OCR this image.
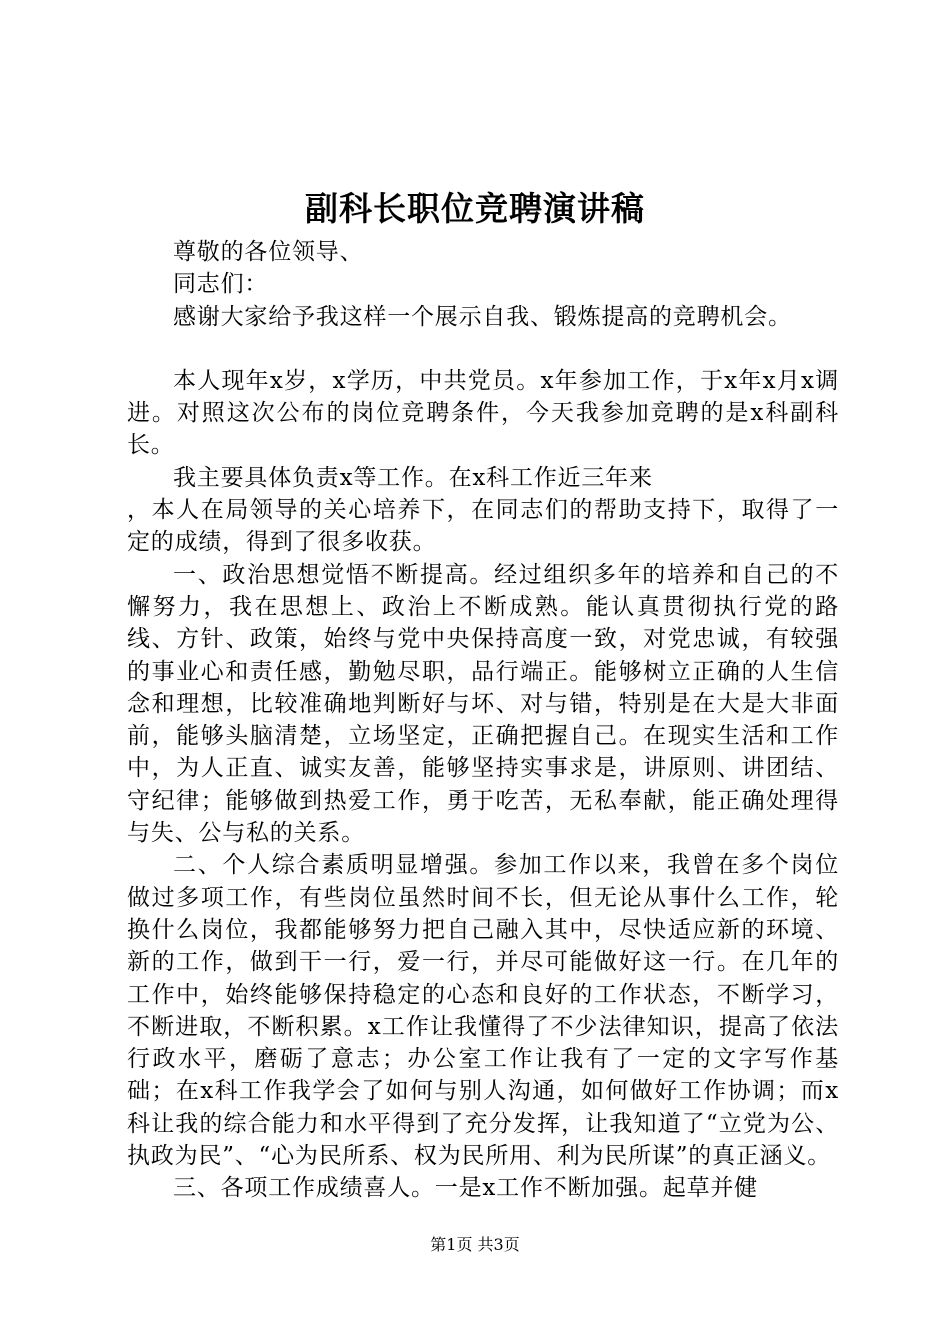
副科长职位竞聘演讲稿

尊敬的各位领导、

同志们：

感谢大家给予我这样一个展示自我、锻炼提高的竞聘机会。

本人现年x岁，x学历，中共党员。x年参加工作，于x年x月x调进。对照这次公布的岗位竞聘条件，今天我参加竞聘的是x科副科长。

我主要具体负责x等工作。在x科工作近三年来

，本人在局领导的关心培养下，在同志们的帮助支持下，取得了一定的成绩，得到了很多收获。

一、政治思想觉悟不断提高。经过组织多年的培养和自己的不懈努力，我在思想上、政治上不断成熟。能认真贯彻执行党的路线、方针、政策，始终与党中央保持高度一致，对党忠诚，有较强的事业心和责任感，勤勉尽职，品行端正。能够树立正确的人生信念和理想，比较准确地判断好与坏、对与错，特别是在大是大非面前，能够头脑清楚，立场坚定，正确把握自己。在现实生活和工作中，为人正直、诚实友善，能够坚持实事求是，讲原则、讲团结、守纪律；能够做到热爱工作，勇于吃苦，无私奉献，能正确处理得与失、公与私的关系。

二、个人综合素质明显增强。参加工作以来，我曾在多个岗位做过多项工作，有些岗位虽然时间不长，但无论从事什么工作，轮换什么岗位，我都能够努力把自己融入其中，尽快适应新的环境、新的工作，做到干一行，爱一行，并尽可能做好这一行。在几年的工作中，始终能够保持稳定的心态和良好的工作状态，不断学习，不断进取，不断积累。x工作让我懂得了不少法律知识，提高了依法行政水平，磨砺了意志；办公室工作让我有了一定的文字写作基础；在x科工作我学会了如何与别人沟通，如何做好工作协调；而x科让我的综合能力和水平得到了充分发挥，让我知道了“立党为公、执政为民”、“心为民所系、权为民所用、利为民所谋”的真正涵义。

三、各项工作成绩喜人。一是x工作不断加强。起草并健

第1页 共3页
